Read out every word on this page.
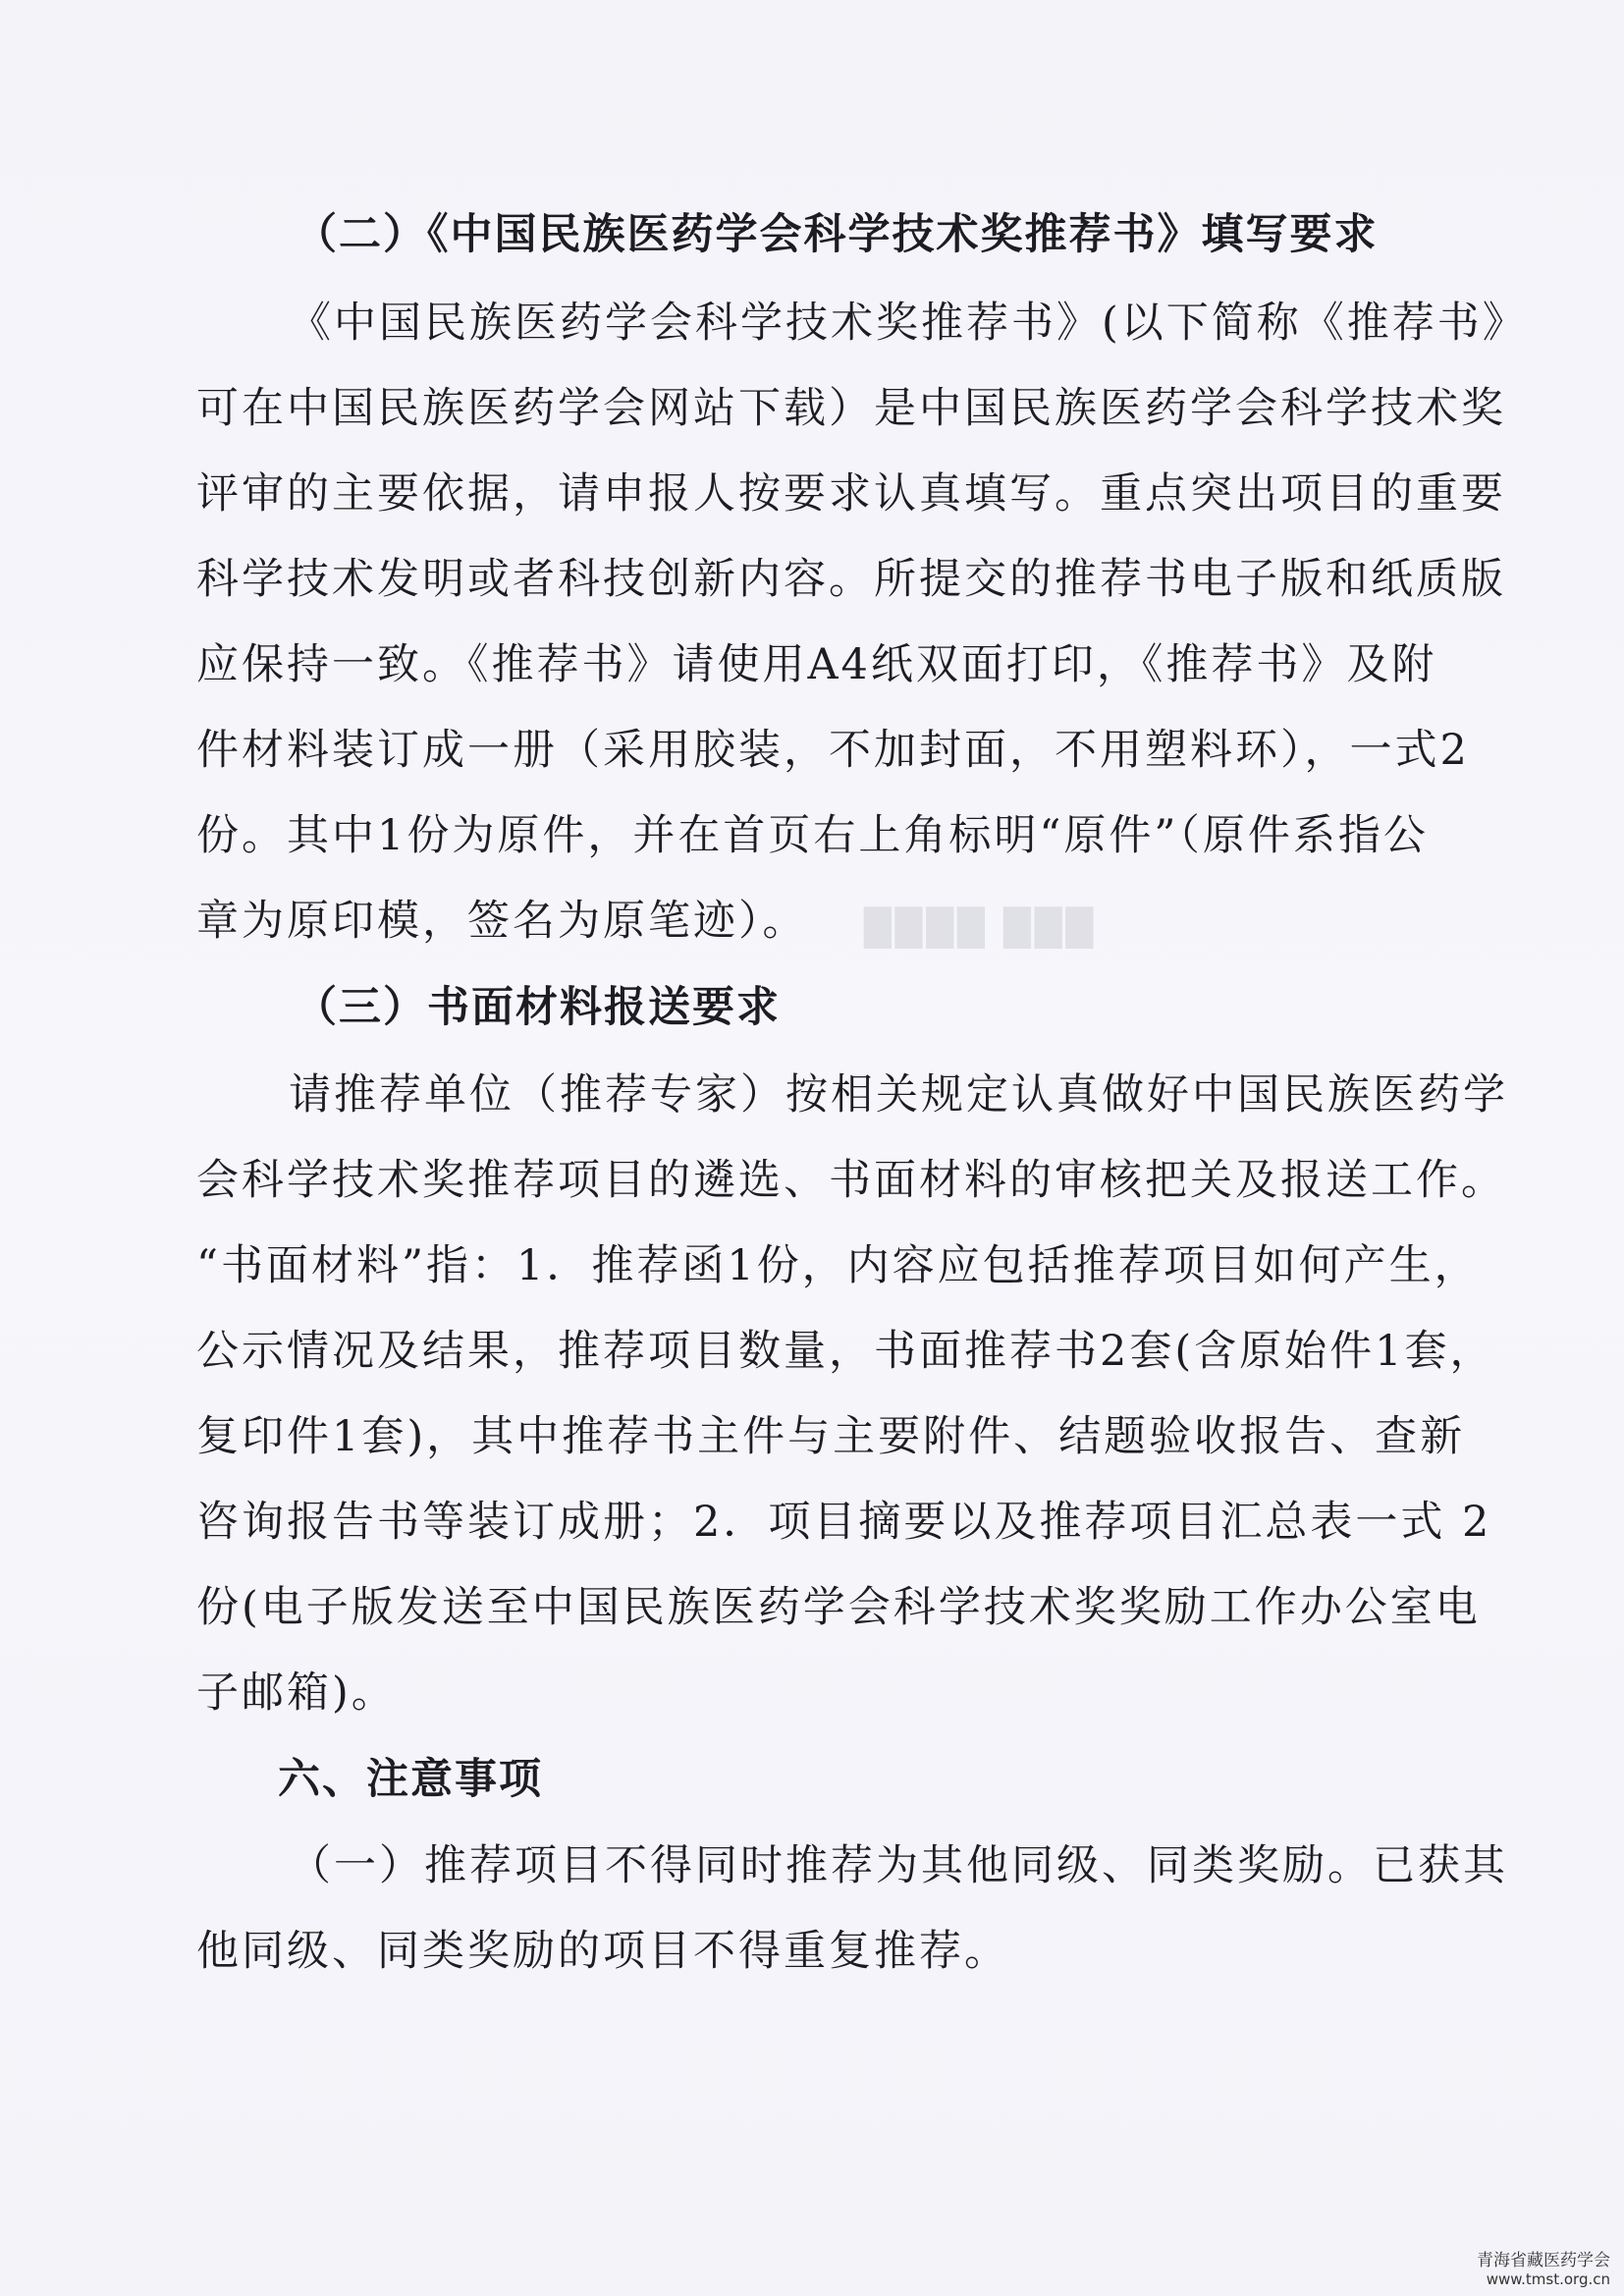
████ ███
（二）《中国民族医药学会科学技术奖推荐书》填写要求
《中国民族医药学会科学技术奖推荐书》(以下简称《推荐书》
可在中国民族医药学会网站下载）是中国民族医药学会科学技术奖
评审的主要依据，请申报人按要求认真填写。重点突出项目的重要
科学技术发明或者科技创新内容。所提交的推荐书电子版和纸质版
应保持一致。《推荐书》请使用A4纸双面打印，《推荐书》及附
件材料装订成一册（采用胶装，不加封面，不用塑料环），一式2
份。其中1份为原件，并在首页右上角标明“原件”（原件系指公
章为原印模，签名为原笔迹）。
（三）书面材料报送要求
请推荐单位（推荐专家）按相关规定认真做好中国民族医药学
会科学技术奖推荐项目的遴选、书面材料的审核把关及报送工作。
“书面材料”指：1．推荐函1份，内容应包括推荐项目如何产生，
公示情况及结果，推荐项目数量，书面推荐书2套(含原始件1套，
复印件1套)，其中推荐书主件与主要附件、结题验收报告、查新
咨询报告书等装订成册；2．项目摘要以及推荐项目汇总表一式 2
份(电子版发送至中国民族医药学会科学技术奖奖励工作办公室电
子邮箱)。
六、注意事项
（一）推荐项目不得同时推荐为其他同级、同类奖励。已获其
他同级、同类奖励的项目不得重复推荐。
青海省藏医药学会
www.tmst.org.cn
